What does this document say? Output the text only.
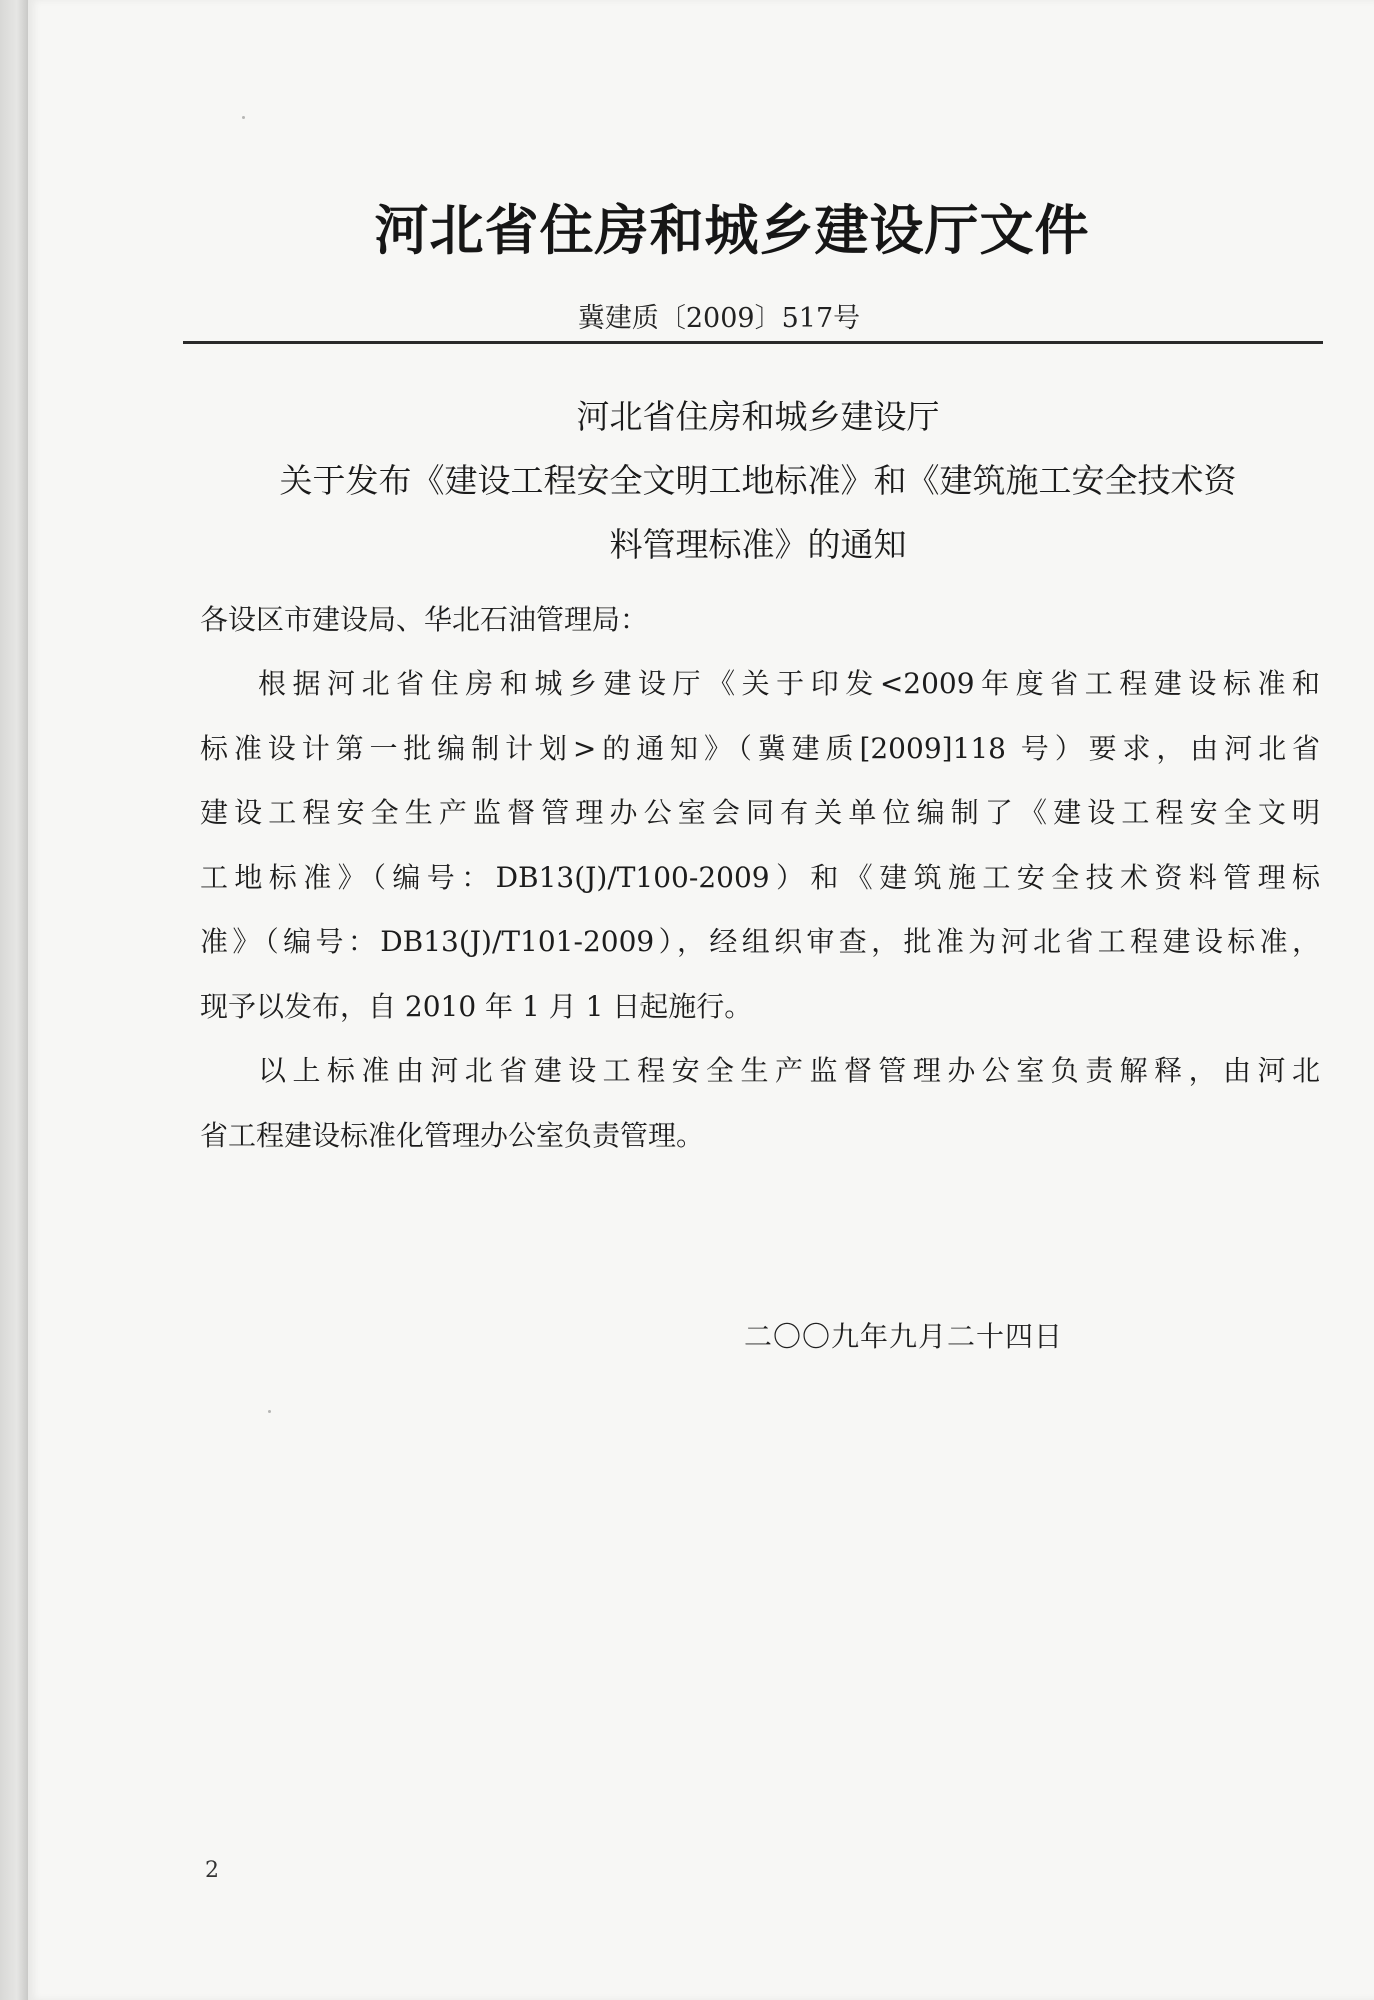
河北省住房和城乡建设厅文件
冀建质〔2009〕517号
河北省住房和城乡建设厅
关于发布《建设工程安全文明工地标准》和《建筑施工安全技术资
料管理标准》的通知
各设区市建设局、华北石油管理局：
根据河北省住房和城乡建设厅《关于印发<2009年度省工程建设标准和
标准设计第一批编制计划>的通知》（冀建质[2009]118 号）要求，由河北省
建设工程安全生产监督管理办公室会同有关单位编制了《建设工程安全文明
工地标准》（编号：DB13(J)/T100-2009）和《建筑施工安全技术资料管理标
准》（编号：DB13(J)/T101-2009），经组织审查，批准为河北省工程建设标准，
现予以发布，自 2010 年 1 月 1 日起施行。
以上标准由河北省建设工程安全生产监督管理办公室负责解释，由河北
省工程建设标准化管理办公室负责管理。
二〇〇九年九月二十四日
2
